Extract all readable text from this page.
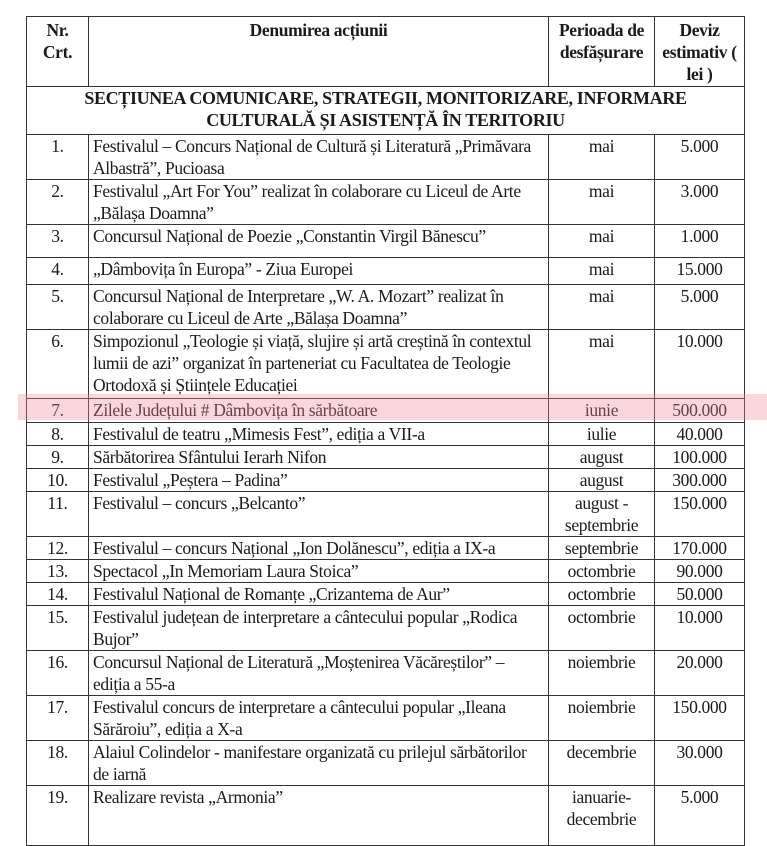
Nr. Crt.	Denumirea acțiunii	Perioada de desfășurare	Deviz estimativ ( lei )
SECȚIUNEA COMUNICARE, STRATEGII, MONITORIZARE, INFORMARE CULTURALĂ ȘI ASISTENȚĂ ÎN TERITORIU			
1.	Festivalul – Concurs Național de Cultură și Literatură „Primăvara Albastră”, Pucioasa	mai	5.000
2.	Festivalul „Art For You” realizat în colaborare cu Liceul de Arte „Bălașa Doamna”	mai	3.000
3.	Concursul Național de Poezie „Constantin Virgil Bănescu”	mai	1.000
4.	„Dâmbovița în Europa” - Ziua Europei	mai	15.000
5.	Concursul Național de Interpretare „W. A. Mozart” realizat în colaborare cu Liceul de Arte „Bălașa Doamna”	mai	5.000
6.	Simpozionul „Teologie și viață, slujire și artă creștină în contextul lumii de azi” organizat în parteneriat cu Facultatea de Teologie Ortodoxă și Științele Educației	mai	10.000
7.	Zilele Județului # Dâmbovița în sărbătoare	iunie	500.000
8.	Festivalul de teatru „Mimesis Fest”, ediția a VII-a	iulie	40.000
9.	Sărbătorirea Sfântului Ierarh Nifon	august	100.000
10.	Festivalul „Peștera – Padina”	august	300.000
11.	Festivalul – concurs „Belcanto”	august - septembrie	150.000
12.	Festivalul – concurs Național „Ion Dolănescu”, ediția a IX-a	septembrie	170.000
13.	Spectacol „In Memoriam Laura Stoica”	octombrie	90.000
14.	Festivalul Național de Romanțe „Crizantema de Aur”	octombrie	50.000
15.	Festivalul județean de interpretare a cântecului popular „Rodica Bujor”	octombrie	10.000
16.	Concursul Național de Literatură „Moștenirea Văcăreștilor” – ediția a 55-a	noiembrie	20.000
17.	Festivalul concurs de interpretare a cântecului popular „Ileana Sărăroiu”, ediția a X-a	noiembrie	150.000
18.	Alaiul Colindelor - manifestare organizată cu prilejul sărbătorilor de iarnă	decembrie	30.000
19.	Realizare revista „Armonia”	ianuarie- decembrie	5.000
